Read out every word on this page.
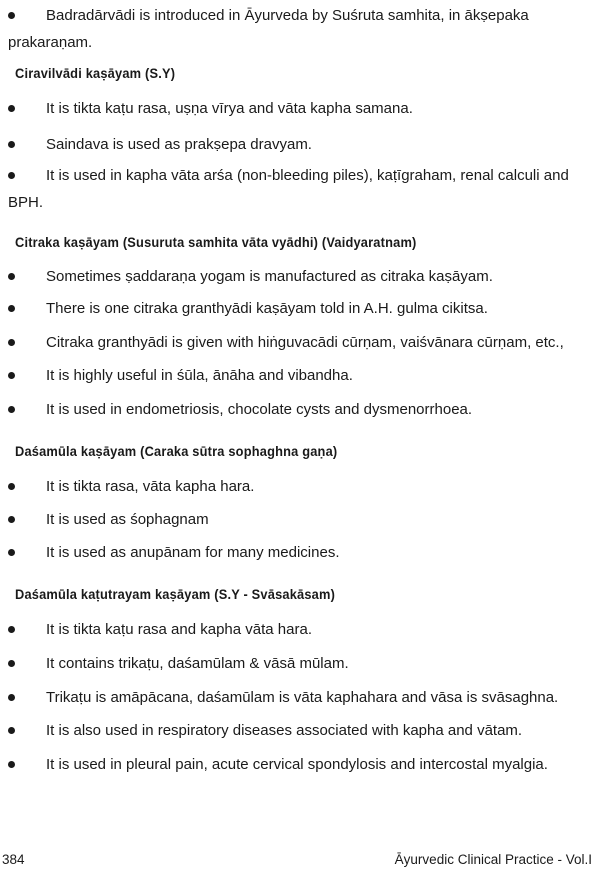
Badradārvādi is introduced in Āyurveda by Suśruta samhita, in ākṣepaka prakaraṇam.
Ciravilvādi kaṣāyam (S.Y)
It is tikta kaṭu rasa, uṣṇa vīrya and vāta kapha samana.
Saindava is used as prakṣepa dravyam.
It is used in kapha vāta arśa (non-bleeding piles), kaṭīgraham, renal calculi and BPH.
Citraka kaṣāyam (Susuruta samhita vāta vyādhi) (Vaidyaratnam)
Sometimes ṣaddaraṇa yogam is manufactured as citraka kaṣāyam.
There is one citraka granthyādi kaṣāyam told in A.H. gulma cikitsa.
Citraka granthyādi is given with hiṅguvacādi cūrṇam, vaiśvānara cūrṇam, etc.,
It is highly useful in śūla, ānāha and vibandha.
It is used in endometriosis, chocolate cysts and dysmenorrhoea.
Daśamūla kaṣāyam (Caraka sūtra sophaghna gaṇa)
It is tikta rasa, vāta kapha hara.
It is used as śophagnam
It is used as anupānam for many medicines.
Daśamūla kaṭutrayam kaṣāyam (S.Y - Svāsakāsam)
It is tikta kaṭu rasa and kapha vāta hara.
It contains trikaṭu, daśamūlam & vāsā mūlam.
Trikaṭu is amāpācana, daśamūlam is vāta kaphahara and vāsa is svāsaghna.
It is also used in respiratory diseases associated with kapha and vātam.
It is used in pleural pain, acute cervical spondylosis and intercostal myalgia.
384	Āyurvedic Clinical Practice - Vol.I
